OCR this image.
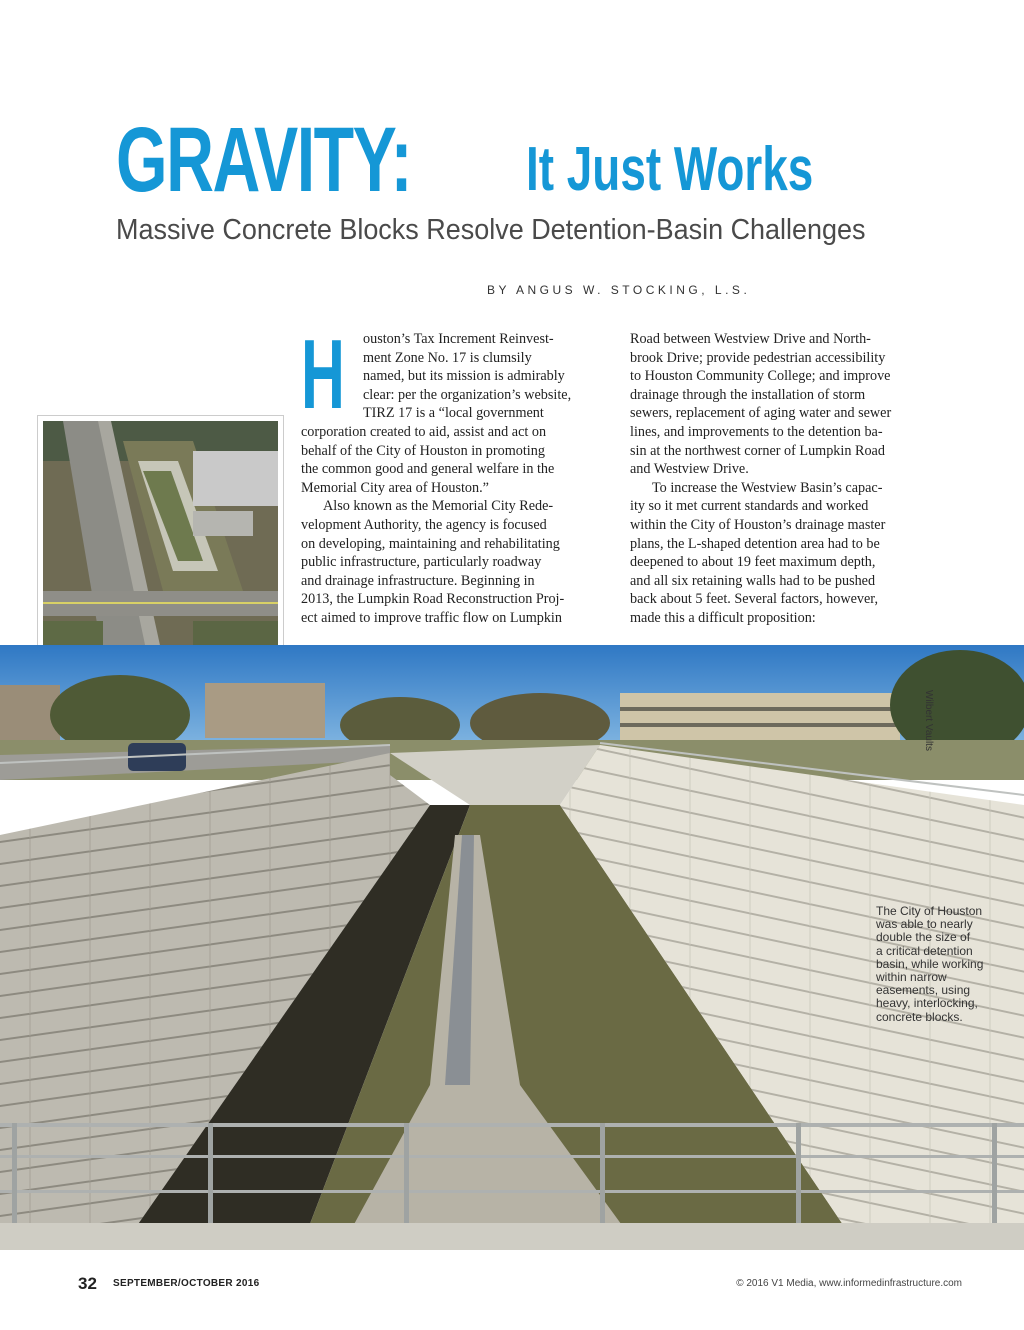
GRAVITY: It Just Works
Massive Concrete Blocks Resolve Detention-Basin Challenges
BY ANGUS W. STOCKING, L.S.
H	ouston’s Tax Increment Reinvest-
ment Zone No. 17 is clumsily
named, but its mission is admirably
clear: per the organization’s website,
TIRZ 17 is a “local government
corporation created to aid, assist and act on
behalf of the City of Houston in promoting
the common good and general welfare in the
Memorial City area of Houston.”
Also known as the Memorial City Rede-
velopment Authority, the agency is focused
on developing, maintaining and rehabilitating
public infrastructure, particularly roadway
and drainage infrastructure. Beginning in
2013, the Lumpkin Road Reconstruction Proj-
ect aimed to improve traffic flow on Lumpkin
Road between Westview Drive and North-
brook Drive; provide pedestrian accessibility
to Houston Community College; and improve
drainage through the installation of storm
sewers, replacement of aging water and sewer
lines, and improvements to the detention ba-
sin at the northwest corner of Lumpkin Road
and Westview Drive.
To increase the Westview Basin’s capac-
ity so it met current standards and worked
within the City of Houston’s drainage master
plans, the L-shaped detention area had to be
deepened to about 19 feet maximum depth,
and all six retaining walls had to be pushed
back about 5 feet. Several factors, however,
made this a difficult proposition:
Wilbert Vaults
The City of Houston
was able to nearly
double the size of
a critical detention
basin, while working
within narrow
easements, using
heavy, interlocking,
concrete blocks.
32 SEPTEMBER/OCTOBER 2016	© 2016 V1 Media, www.informedinfrastructure.com
